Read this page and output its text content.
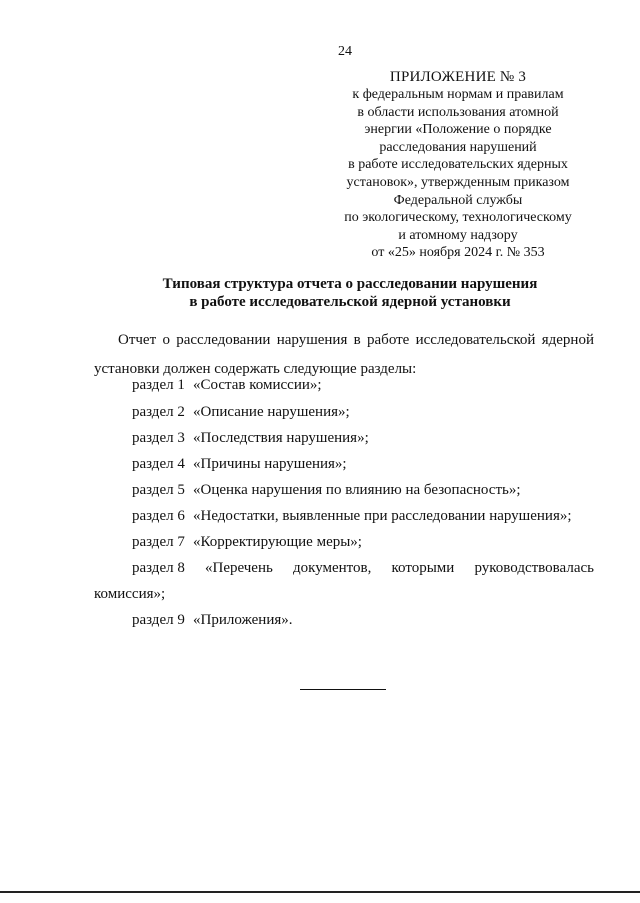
24
ПРИЛОЖЕНИЕ № 3
к федеральным нормам и правилам
в области использования атомной
энергии «Положение о порядке
расследования нарушений
в работе исследовательских ядерных
установок», утвержденным приказом
Федеральной службы
по экологическому, технологическому
и атомному надзору
от «25» ноября 2024 г. № 353
Типовая структура отчета о расследовании нарушения
в работе исследовательской ядерной установки

Отчет о расследовании нарушения в работе исследовательской ядерной установки должен содержать следующие разделы:

раздел 1 «Состав комиссии»;
раздел 2 «Описание нарушения»;
раздел 3 «Последствия нарушения»;
раздел 4 «Причины нарушения»;
раздел 5 «Оценка нарушения по влиянию на безопасность»;
раздел 6 «Недостатки, выявленные при расследовании нарушения»;
раздел 7 «Корректирующие меры»;
раздел 8 «Перечень документов, которыми руководствовалась
комиссия»;
раздел 9 «Приложения».
